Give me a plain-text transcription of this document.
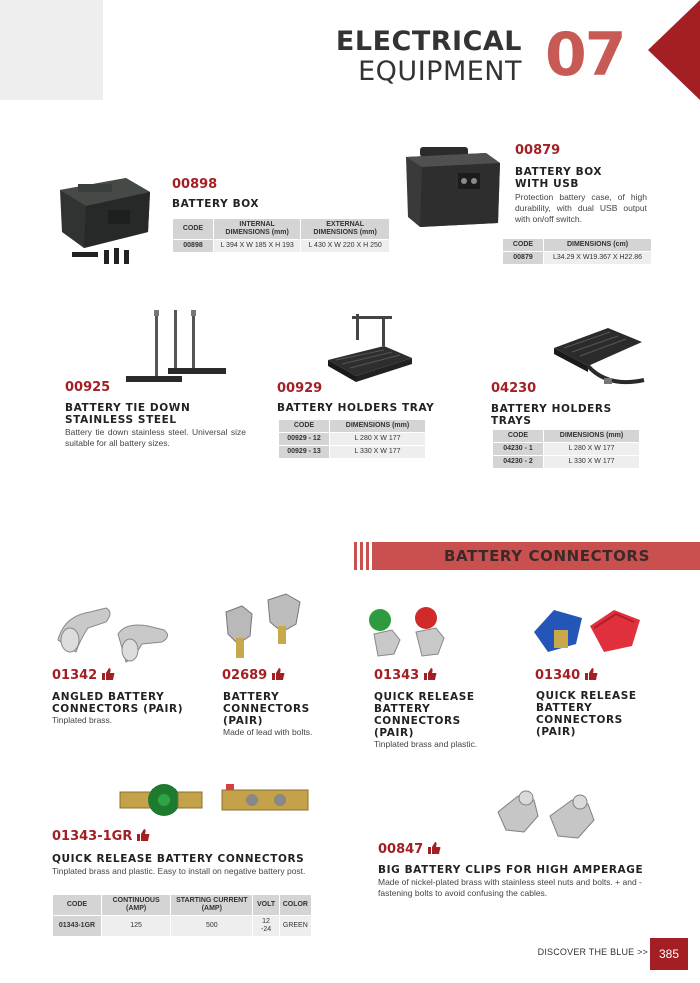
ELECTRICAL
EQUIPMENT 07
00898
BATTERY BOX
CODE	INTERNAL DIMENSIONS (mm)	EXTERNAL DIMENSIONS (mm)
00898	L 394 X W 185 X H 193	L 430 X W 220 X H 250
00879
BATTERY BOX
WITH USB
Protection battery case, of high durability, with dual USB output with on/off switch.
CODE	DIMENSIONS (cm)
00879	L34.29 X W19.367 X H22.86
00925
BATTERY TIE DOWN
STAINLESS STEEL
Battery tie down stainless steel. Universal size suitable for all battery sizes.
00929
BATTERY HOLDERS TRAY
CODE	DIMENSIONS (mm)
00929 - 12	L 280 X W 177
00929 - 13	L 330 X W 177
04230
BATTERY HOLDERS
TRAYS
CODE	DIMENSIONS (mm)
04230 - 1	L 280 X W 177
04230 - 2	L 330 X W 177
BATTERY CONNECTORS
01342
ANGLED BATTERY
CONNECTORS (PAIR)
Tinplated brass.
02689
BATTERY
CONNECTORS
(PAIR)
Made of lead with bolts.
01343
QUICK RELEASE
BATTERY
CONNECTORS
(PAIR)
Tinplated brass and plastic.
01340
QUICK RELEASE
BATTERY
CONNECTORS
(PAIR)
01343-1GR
QUICK RELEASE BATTERY CONNECTORS
Tinplated brass and plastic. Easy to install on negative battery post.
CODE	CONTINUOUS (AMP)	STARTING CURRENT (AMP)	VOLT	COLOR
01343-1GR	125	500	12 -24	GREEN
00847
BIG BATTERY CLIPS FOR HIGH AMPERAGE
Made of nickel-plated brass with stainless steel nuts and bolts. + and - fastening bolts to avoid confusing the cables.
DISCOVER THE BLUE >> 385
